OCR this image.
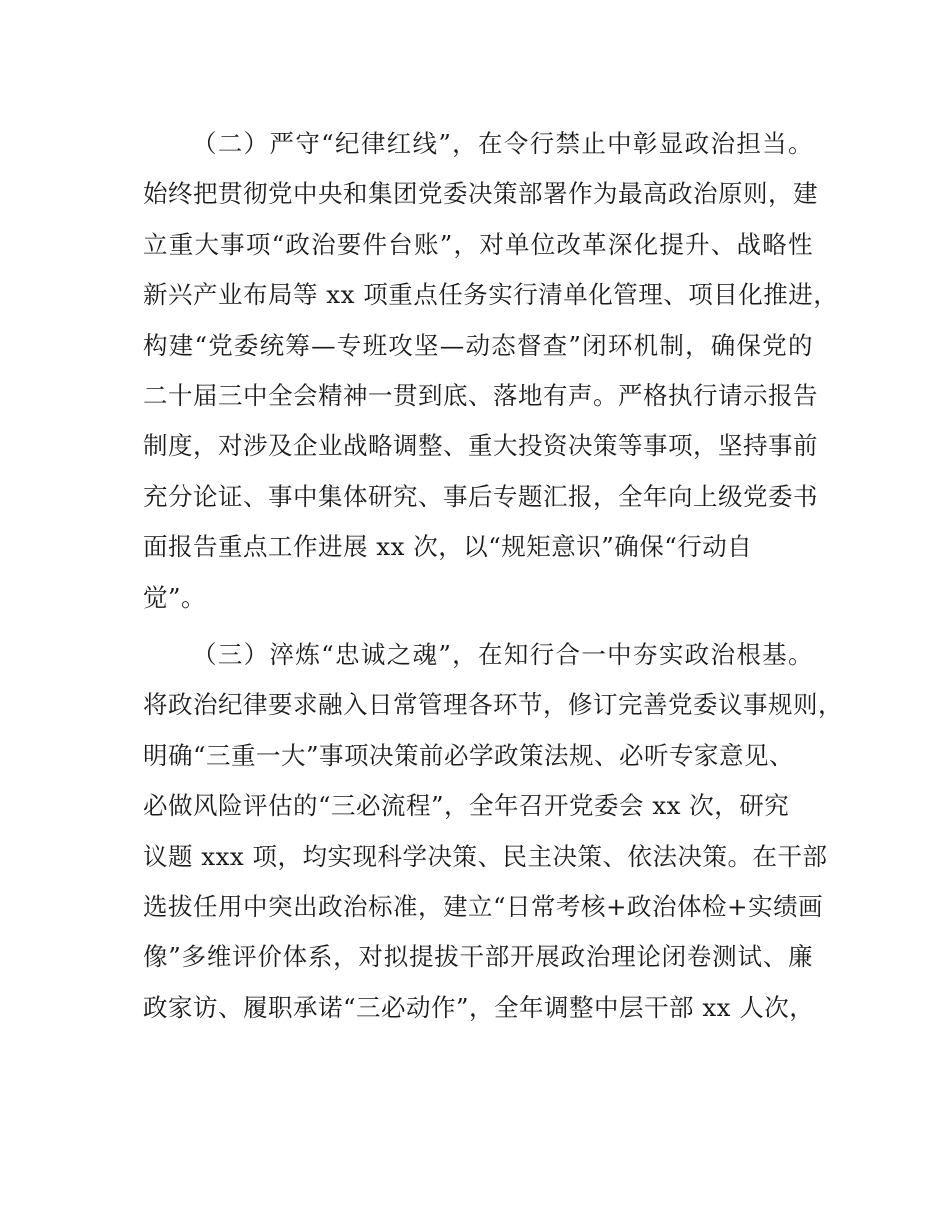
（二）严守“纪律红线”，在令行禁止中彰显政治担当。
始终把贯彻党中央和集团党委决策部署作为最高政治原则，建
立重大事项“政治要件台账”，对单位改革深化提升、战略性
新兴产业布局等 xx 项重点任务实行清单化管理、项目化推进，
构建“党委统筹—专班攻坚—动态督查”闭环机制，确保党的
二十届三中全会精神一贯到底、落地有声。严格执行请示报告
制度，对涉及企业战略调整、重大投资决策等事项，坚持事前
充分论证、事中集体研究、事后专题汇报，全年向上级党委书
面报告重点工作进展 xx 次，以“规矩意识”确保“行动自
觉”。
（三）淬炼“忠诚之魂”，在知行合一中夯实政治根基。
将政治纪律要求融入日常管理各环节，修订完善党委议事规则，
明确“三重一大”事项决策前必学政策法规、必听专家意见、
必做风险评估的“三必流程”，全年召开党委会 xx 次，研究
议题 xxx 项，均实现科学决策、民主决策、依法决策。在干部
选拔任用中突出政治标准，建立“日常考核+政治体检+实绩画
像”多维评价体系，对拟提拔干部开展政治理论闭卷测试、廉
政家访、履职承诺“三必动作”，全年调整中层干部 xx 人次，
